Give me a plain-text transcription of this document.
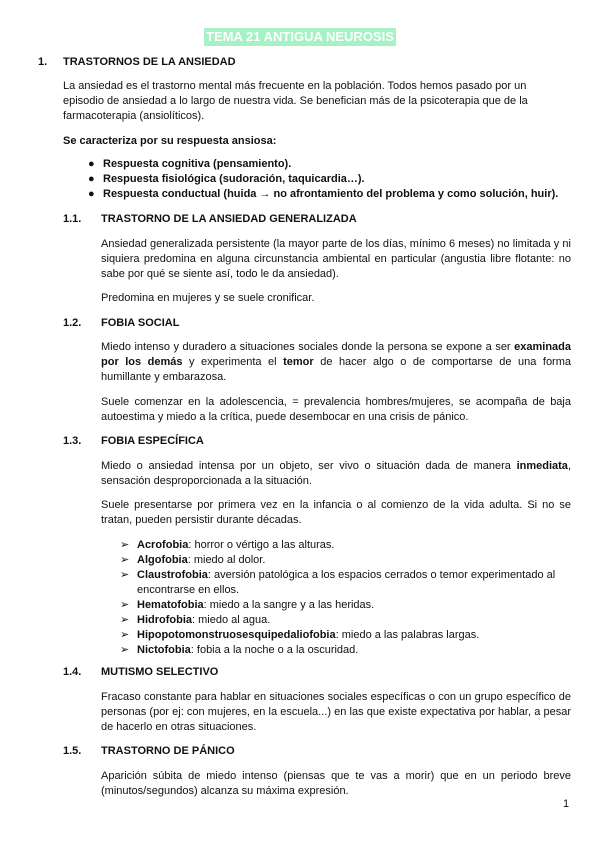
TEMA 21 ANTIGUA NEUROSIS
1. TRASTORNOS DE LA ANSIEDAD
La ansiedad es el trastorno mental más frecuente en la población. Todos hemos pasado por un episodio de ansiedad a lo largo de nuestra vida. Se benefician más de la psicoterapia que de la farmacoterapia (ansiolíticos).
Se caracteriza por su respuesta ansiosa:
● Respuesta cognitiva (pensamiento).
● Respuesta fisiológica (sudoración, taquicardia…).
● Respuesta conductual (huida → no afrontamiento del problema y como solución, huir).
1.1. TRASTORNO DE LA ANSIEDAD GENERALIZADA
Ansiedad generalizada persistente (la mayor parte de los días, mínimo 6 meses) no limitada y ni siquiera predomina en alguna circunstancia ambiental en particular (angustia libre flotante: no sabe por qué se siente así, todo le da ansiedad).
Predomina en mujeres y se suele cronificar.
1.2. FOBIA SOCIAL
Miedo intenso y duradero a situaciones sociales donde la persona se expone a ser examinada por los demás y experimenta el temor de hacer algo o de comportarse de una forma humillante y embarazosa.
Suele comenzar en la adolescencia, = prevalencia hombres/mujeres, se acompaña de baja autoestima y miedo a la crítica, puede desembocar en una crisis de pánico.
1.3. FOBIA ESPECÍFICA
Miedo o ansiedad intensa por un objeto, ser vivo o situación dada de manera inmediata, sensación desproporcionada a la situación.
Suele presentarse por primera vez en la infancia o al comienzo de la vida adulta. Si no se tratan, pueden persistir durante décadas.
➢ Acrofobia: horror o vértigo a las alturas.
➢ Algofobia: miedo al dolor.
➢ Claustrofobia: aversión patológica a los espacios cerrados o temor experimentado al encontrarse en ellos.
➢ Hematofobia: miedo a la sangre y a las heridas.
➢ Hidrofobia: miedo al agua.
➢ Hipopotomonstruosesquipedaliofobia: miedo a las palabras largas.
➢ Nictofobia: fobia a la noche o a la oscuridad.
1.4. MUTISMO SELECTIVO
Fracaso constante para hablar en situaciones sociales específicas o con un grupo específico de personas (por ej: con mujeres, en la escuela...) en las que existe expectativa por hablar, a pesar de hacerlo en otras situaciones.
1.5. TRASTORNO DE PÁNICO
Aparición súbita de miedo intenso (piensas que te vas a morir) que en un periodo breve (minutos/segundos) alcanza su máxima expresión.
1
